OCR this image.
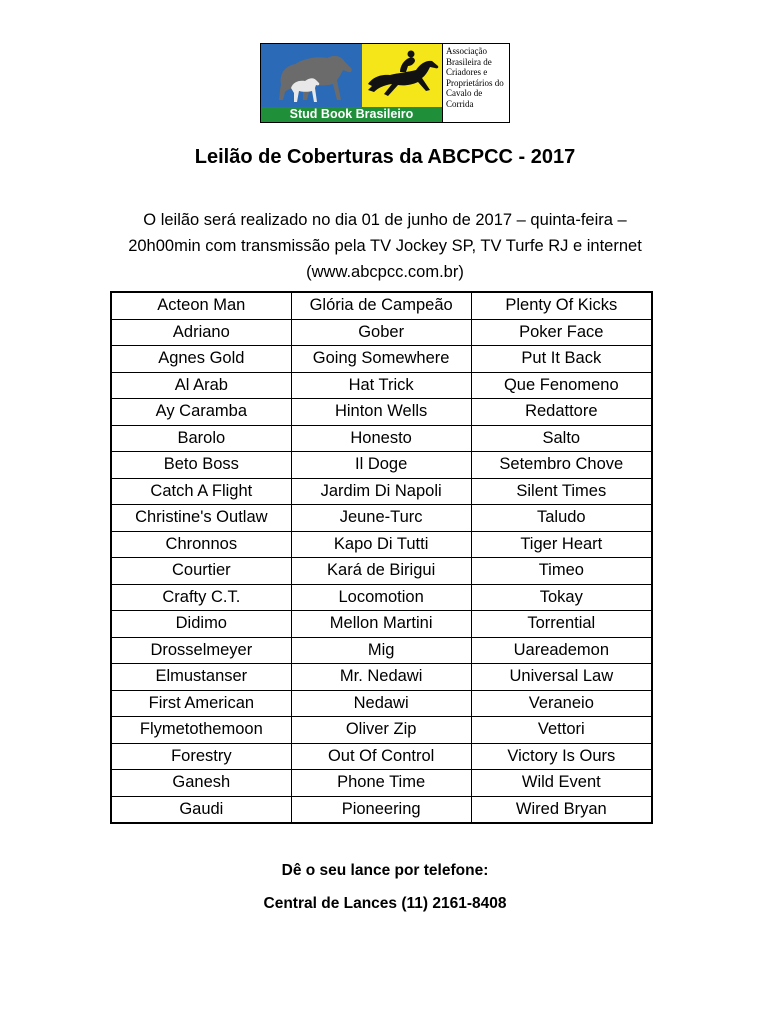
Stud Book Brasileiro
Associação
Brasileira de
Criadores e
Proprietários do
Cavalo de
Corrida
Leilão de Coberturas da ABCPCC - 2017
O leilão será realizado no dia 01 de junho de 2017 – quinta-feira –
20h00min com transmissão pela TV Jockey SP, TV Turfe RJ e internet
(www.abcpcc.com.br)
Acteon Man	Glória de Campeão	Plenty Of Kicks
Adriano	Gober	Poker Face
Agnes Gold	Going Somewhere	Put It Back
Al Arab	Hat Trick	Que Fenomeno
Ay Caramba	Hinton Wells	Redattore
Barolo	Honesto	Salto
Beto Boss	Il Doge	Setembro Chove
Catch A Flight	Jardim Di Napoli	Silent Times
Christine's Outlaw	Jeune-Turc	Taludo
Chronnos	Kapo Di Tutti	Tiger Heart
Courtier	Kará de Birigui	Timeo
Crafty C.T.	Locomotion	Tokay
Didimo	Mellon Martini	Torrential
Drosselmeyer	Mig	Uareademon
Elmustanser	Mr. Nedawi	Universal Law
First American	Nedawi	Veraneio
Flymetothemoon	Oliver Zip	Vettori
Forestry	Out Of Control	Victory Is Ours
Ganesh	Phone Time	Wild Event
Gaudi	Pioneering	Wired Bryan
Dê o seu lance por telefone:
Central de Lances (11) 2161-8408
